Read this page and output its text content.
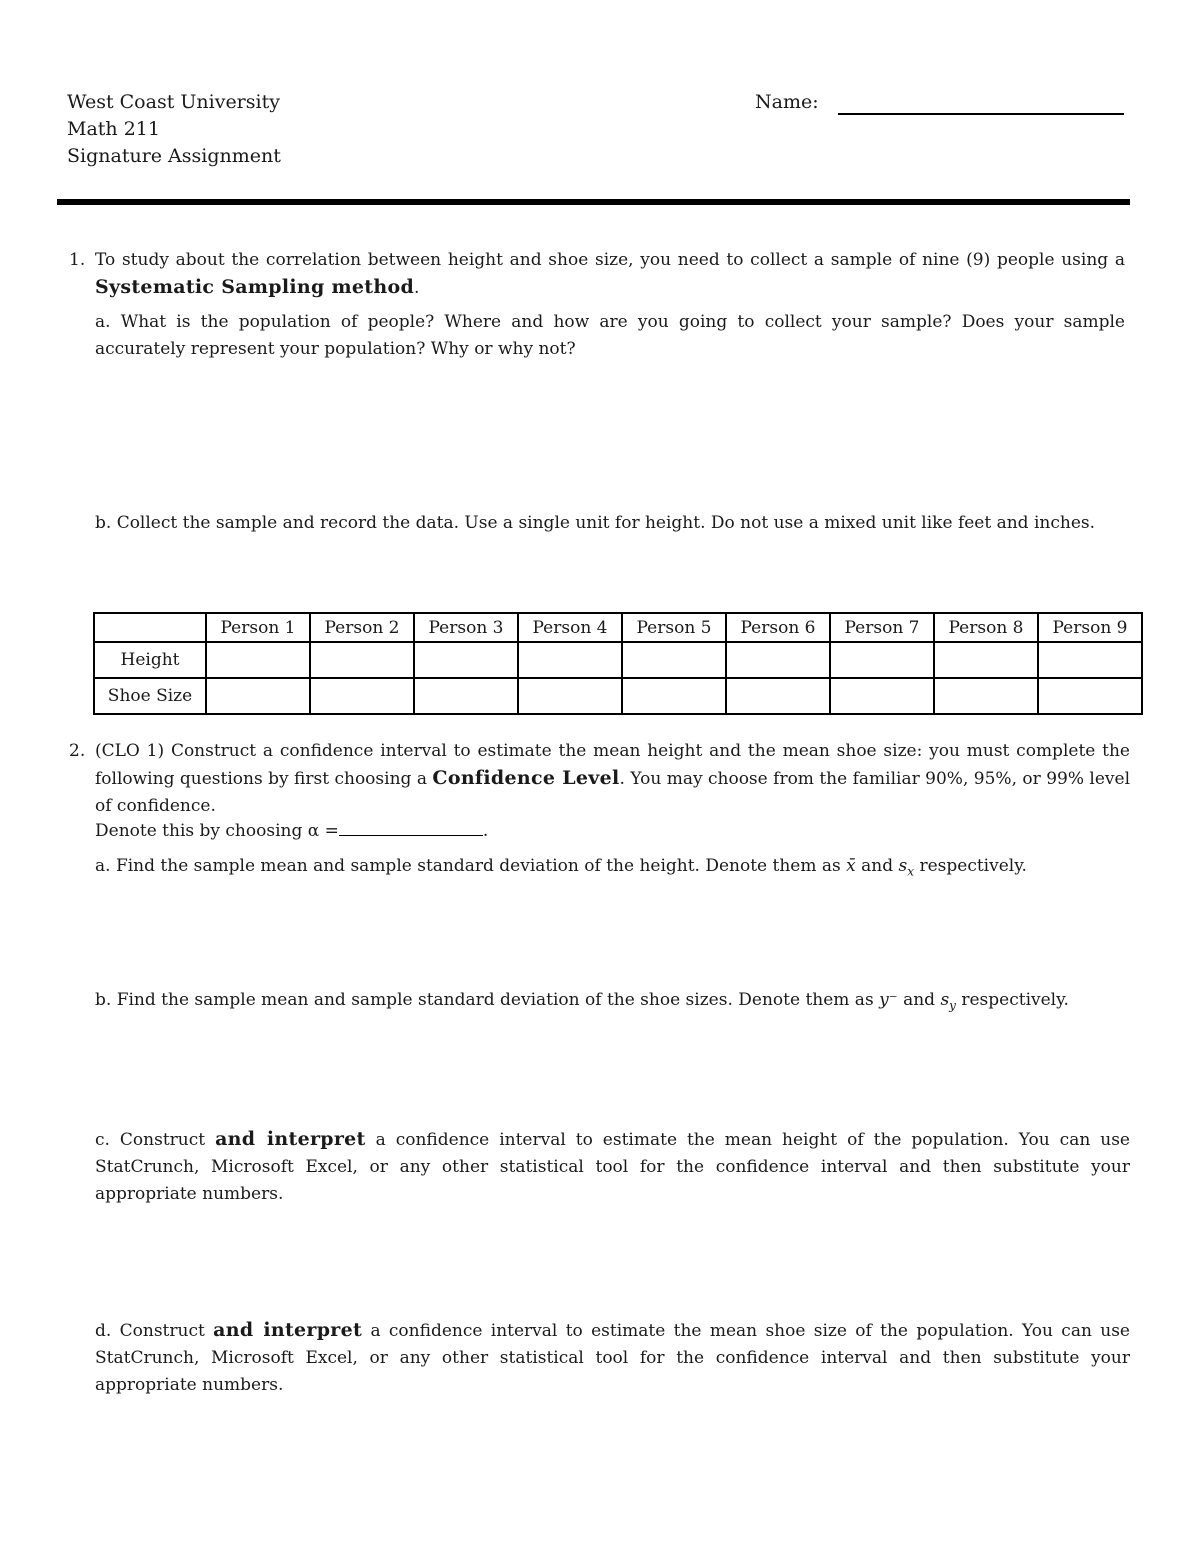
West Coast University
Math 211
Signature Assignment
Name:
1. To study about the correlation between height and shoe size, you need to collect a sample of nine (9) people using a Systematic Sampling method.
a. What is the population of people? Where and how are you going to collect your sample? Does your sample accurately represent your population? Why or why not?
b. Collect the sample and record the data. Use a single unit for height. Do not use a mixed unit like feet and inches.
	Person 1	Person 2	Person 3	Person 4	Person 5	Person 6	Person 7	Person 8	Person 9
Height									
Shoe Size									
2. (CLO 1) Construct a confidence interval to estimate the mean height and the mean shoe size: you must complete the following questions by first choosing a Confidence Level. You may choose from the familiar 90%, 95%, or 99% level of confidence.
Denote this by choosing α =	.
a. Find the sample mean and sample standard deviation of the height. Denote them as x̄ and $s_x$ respectively.
b. Find the sample mean and sample standard deviation of the shoe sizes. Denote them as y⁻ and $s_y$ respectively.
c. Construct and interpret a confidence interval to estimate the mean height of the population. You can use StatCrunch, Microsoft Excel, or any other statistical tool for the confidence interval and then substitute your appropriate numbers.
d. Construct and interpret a confidence interval to estimate the mean shoe size of the population. You can use StatCrunch, Microsoft Excel, or any other statistical tool for the confidence interval and then substitute your appropriate numbers.
